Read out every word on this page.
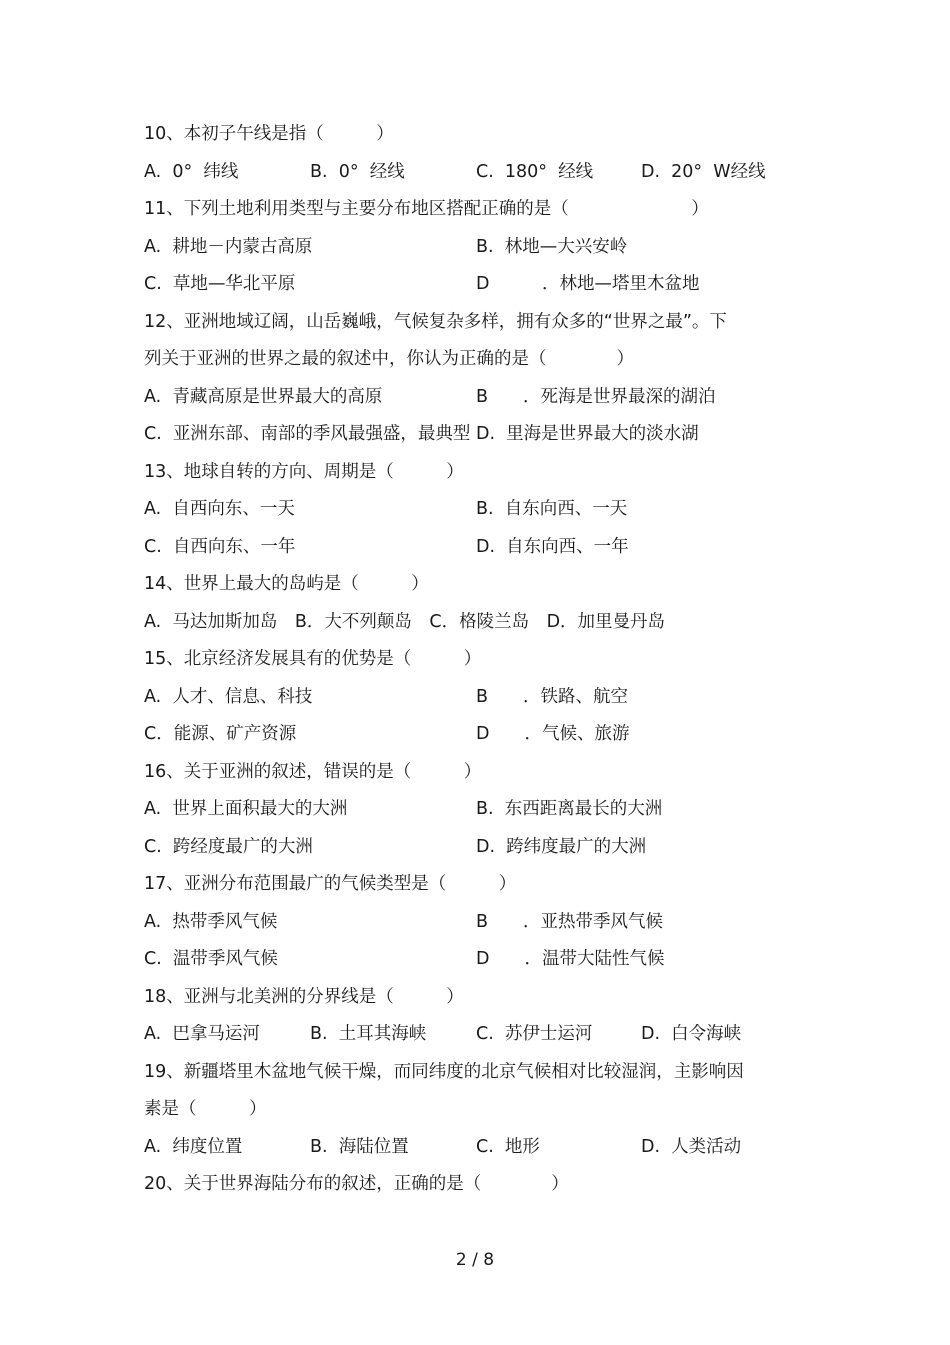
10、本初子午线是指（　　　）
A.  0°  纬线	B.  0°  经线	C.  180°  经线	D.  20°  W经线
11、下列土地利用类型与主要分布地区搭配正确的是（　　　　　　　）
A.  耕地－内蒙古高原	B.  林地—大兴安岭
C.  草地—华北平原	D　　　．林地—塔里木盆地
12、亚洲地域辽阔，山岳巍峨，气候复杂多样，拥有众多的“世界之最”。下
列关于亚洲的世界之最的叙述中，你认为正确的是（　　　　）
A.  青藏高原是世界最大的高原	B　　．死海是世界最深的湖泊
C.  亚洲东部、南部的季风最强盛，最典型 D.  里海是世界最大的淡水湖
13、地球自转的方向、周期是（　　　）
A.  自西向东、一天	B.  自东向西、一天
C.  自西向东、一年	D.  自东向西、一年
14、世界上最大的岛屿是（　　　）
A.  马达加斯加岛　B．大不列颠岛　C．格陵兰岛　D．加里曼丹岛
15、北京经济发展具有的优势是（　　　）
A.  人才、信息、科技	B　　．铁路、航空
C．能源、矿产资源	D　　．气候、旅游
16、关于亚洲的叙述，错误的是（　　　）
A.  世界上面积最大的大洲	B.  东西距离最长的大洲
C.  跨经度最广的大洲	D.  跨纬度最广的大洲
17、亚洲分布范围最广的气候类型是（　　　）
A.  热带季风气候	B　　．亚热带季风气候
C.  温带季风气候	D　　．温带大陆性气候
18、亚洲与北美洲的分界线是（　　　）
A.  巴拿马运河	B.  土耳其海峡	C.  苏伊士运河	D.  白令海峡
19、新疆塔里木盆地气候干燥，而同纬度的北京气候相对比较湿润，主影响因
素是（　　　）
A.  纬度位置	B.  海陆位置	C.  地形	D.  人类活动
20、关于世界海陆分布的叙述，正确的是（　　　　）
2 / 8
